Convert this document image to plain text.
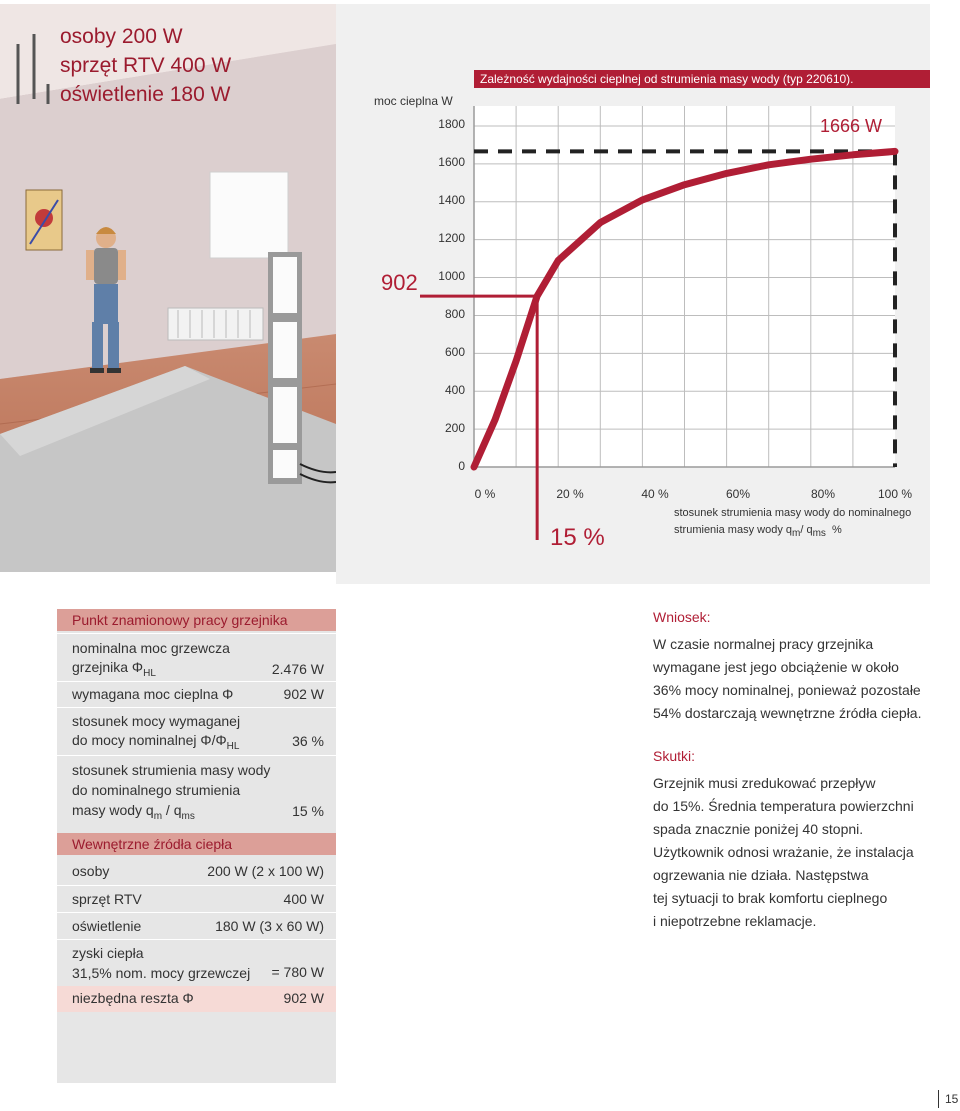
osoby 200 W
sprzęt RTV 400 W
oświetlenie 180 W
Zależność wydajności cieplnej od strumienia masy wody (typ 220610).
moc cieplna W
1800
1600
1400
1200
1000
800
600
400
200
0
0 %	20 %	40 %	60%	80%	100 %
902
15 %
1666 W
stosunek strumienia masy wody do nominalnego
strumienia masy wody $q_m/$ $q_{ms}$ %
Punkt znamionowy pracy grzejnika
nominalna moc grzewcza
grzejnika $\Phi_{HL}$	2.476 W
wymagana moc cieplna Φ	902 W
stosunek mocy wymaganej
do mocy nominalnej $\Phi/\Phi_{HL}$	36 %
stosunek strumienia masy wody
do nominalnego strumienia
masy wody $q_m / q_{ms}$	15 %
Wewnętrzne źródła ciepła
osoby	200 W (2 x 100 W)
sprzęt RTV	400 W
oświetlenie	180 W (3 x 60 W)
zyski ciepła
31,5% nom. mocy grzewczej = 780 W
niezbędna reszta Φ	902 W
Wniosek:
W czasie normalnej pracy grzejnika
wymagane jest jego obciążenie w około
36% mocy nominalnej, ponieważ pozostałe
54% dostarczają wewnętrzne źródła ciepła.
Skutki:
Grzejnik musi zredukować przepływ
do 15%. Średnia temperatura powierzchni
spada znacznie poniżej 40 stopni.
Użytkownik odnosi wrażanie, że instalacja
ogrzewania nie działa. Następstwa
tej sytuacji to brak komfortu cieplnego
i niepotrzebne reklamacje.
15
